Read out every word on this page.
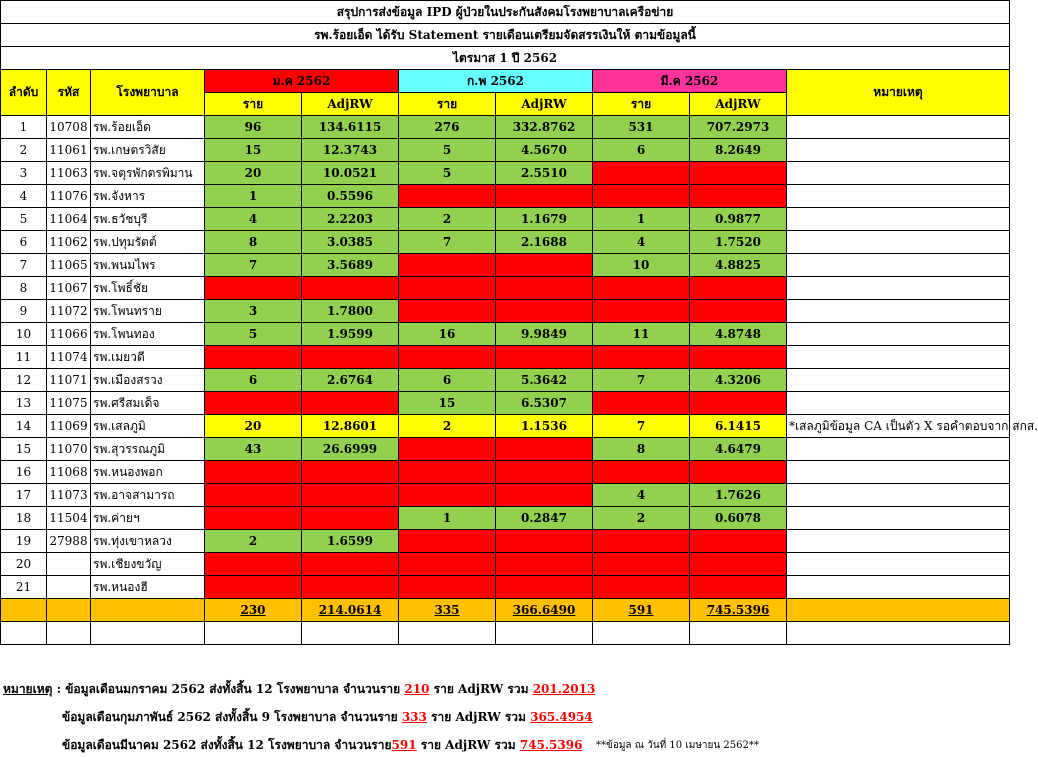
สรุปการส่งข้อมูล IPD ผู้ป่วยในประกันสังคมโรงพยาบาลเครือข่าย									
รพ.ร้อยเอ็ด ได้รับ Statement รายเดือนเตรียมจัดสรรเงินให้ ตามข้อมูลนี้									
ไตรมาส 1 ปี 2562									
ลำดับ	รหัส	โรงพยาบาล	ม.ค 2562		ก.พ 2562		มี.ค 2562		หมายเหตุ
			ราย	AdjRW	ราย	AdjRW	ราย	AdjRW	
1	10708	รพ.ร้อยเอ็ด	96	134.6115	276	332.8762	531	707.2973	
2	11061	รพ.เกษตรวิสัย	15	12.3743	5	4.5670	6	8.2649	
3	11063	รพ.จตุรพักตรพิมาน	20	10.0521	5	2.5510			
4	11076	รพ.จังหาร	1	0.5596					
5	11064	รพ.ธวัชบุรี	4	2.2203	2	1.1679	1	0.9877	
6	11062	รพ.ปทุมรัตต์	8	3.0385	7	2.1688	4	1.7520	
7	11065	รพ.พนมไพร	7	3.5689			10	4.8825	
8	11067	รพ.โพธิ์ชัย							
9	11072	รพ.โพนทราย	3	1.7800					
10	11066	รพ.โพนทอง	5	1.9599	16	9.9849	11	4.8748	
11	11074	รพ.เมยวดี							
12	11071	รพ.เมืองสรวง	6	2.6764	6	5.3642	7	4.3206	
13	11075	รพ.ศรีสมเด็จ			15	6.5307			
14	11069	รพ.เสลภูมิ	20	12.8601	2	1.1536	7	6.1415	*เสลภูมิข้อมูล CA เป็นตัว X รอคำตอบจาก สกส.
15	11070	รพ.สุวรรณภูมิ	43	26.6999			8	4.6479	
16	11068	รพ.หนองพอก							
17	11073	รพ.อาจสามารถ					4	1.7626	
18	11504	รพ.ค่ายฯ			1	0.2847	2	0.6078	
19	27988	รพ.ทุ่งเขาหลวง	2	1.6599					
20		รพ.เชียงขวัญ							
21		รพ.หนองฮี							
			230	214.0614	335	366.6490	591	745.5396	

หมายเหตุ : ข้อมูลเดือนมกราคม 2562 ส่งทั้งสิ้น 12 โรงพยาบาล จำนวนราย 210 ราย AdjRW รวม 201.2013
ข้อมูลเดือนกุมภาพันธ์ 2562 ส่งทั้งสิ้น 9 โรงพยาบาล จำนวนราย 333 ราย AdjRW รวม 365.4954
ข้อมูลเดือนมีนาคม 2562 ส่งทั้งสิ้น 12 โรงพยาบาล จำนวนราย591 ราย AdjRW รวม 745.5396 **ข้อมูล ณ วันที่ 10 เมษายน 2562**
